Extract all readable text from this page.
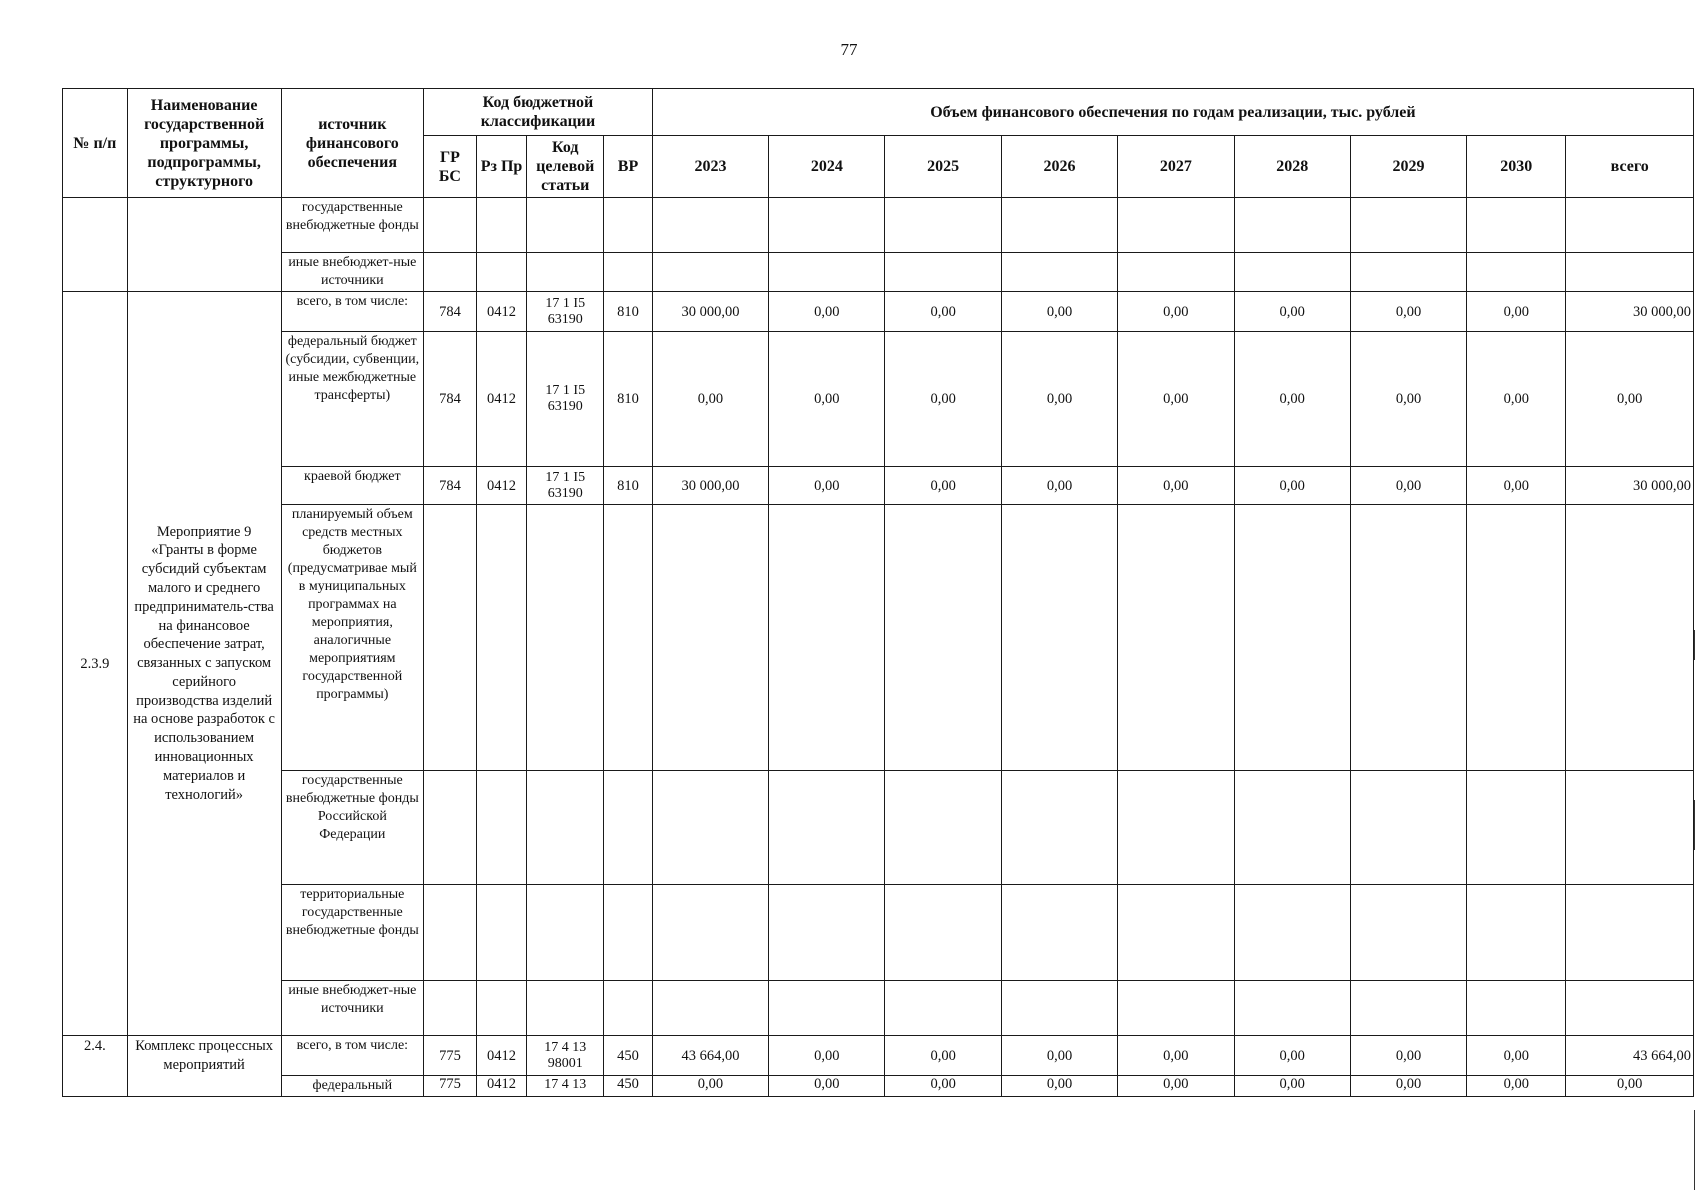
77
№ п/п	Наименование государственной программы, подпрограммы, структурного	источник финансового обеспечения	Код бюджетной классификации				Объем финансового обеспечения по годам реализации, тыс. рублей								
			ГР БС	Рз Пр	Код целевой статьи	ВР	2023	2024	2025	2026	2027	2028	2029	2030	всего
		государственные внебюджетные фонды													
		иные внебюджет-ные источники													
2.3.9	Мероприятие 9 «Гранты в форме субсидий субъектам малого и среднего предприниматель-ства на финансовое обеспечение затрат, связанных с запуском серийного производства изделий на основе разработок с использованием инновационных материалов и технологий»	всего, в том числе:	784	0412	17 1 I5 63190	810	30 000,00	0,00	0,00	0,00	0,00	0,00	0,00	0,00	30 000,00
		федеральный бюджет (субсидии, субвенции, иные межбюджетные трансферты)	784	0412	17 1 I5 63190	810	0,00	0,00	0,00	0,00	0,00	0,00	0,00	0,00	0,00
		краевой бюджет	784	0412	17 1 I5 63190	810	30 000,00	0,00	0,00	0,00	0,00	0,00	0,00	0,00	30 000,00
		планируемый объем средств местных бюджетов (предусматривае мый в муниципальных программах на мероприятия, аналогичные мероприятиям государственной программы)													
		государственные внебюджетные фонды Российской Федерации													
		территориальные государственные внебюджетные фонды													
		иные внебюджет-ные источники													
2.4.	Комплекс процессных мероприятий	всего, в том числе:	775	0412	17 4 13 98001	450	43 664,00	0,00	0,00	0,00	0,00	0,00	0,00	0,00	43 664,00
		федеральный	775	0412	17 4 13	450	0,00	0,00	0,00	0,00	0,00	0,00	0,00	0,00	0,00
